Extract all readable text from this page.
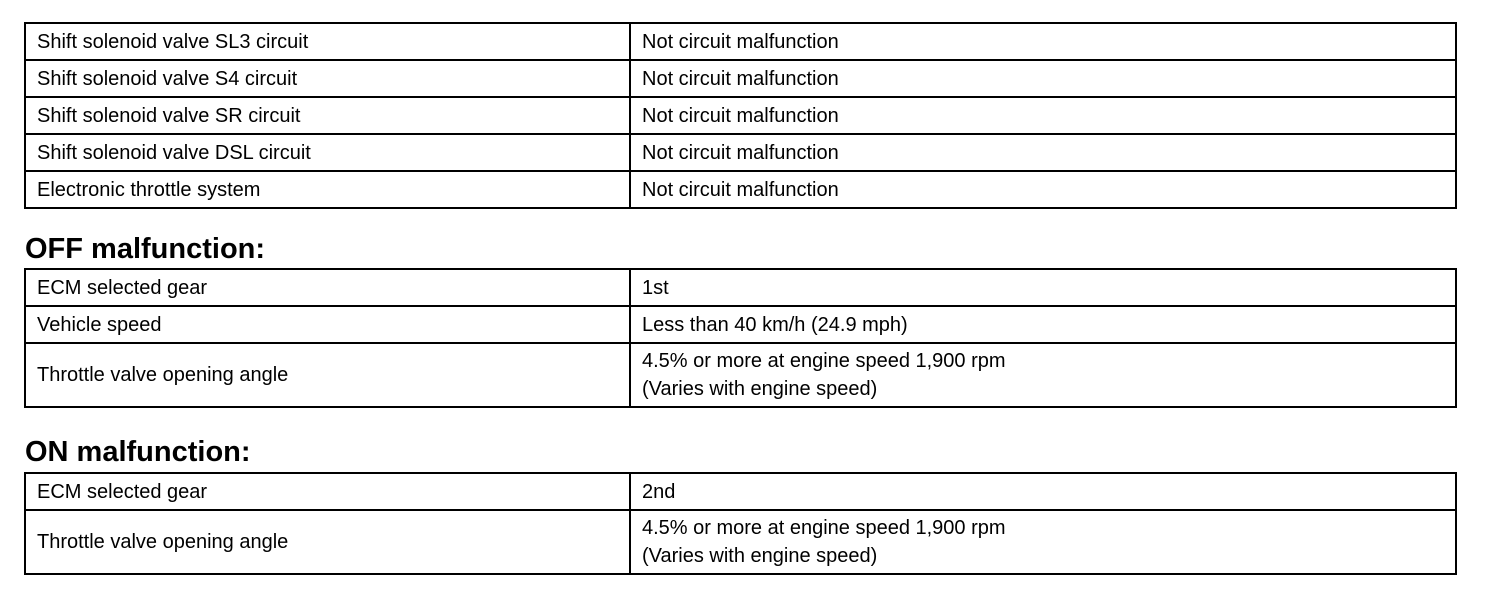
Shift solenoid valve SL3 circuit	Not circuit malfunction
Shift solenoid valve S4 circuit	Not circuit malfunction
Shift solenoid valve SR circuit	Not circuit malfunction
Shift solenoid valve DSL circuit	Not circuit malfunction
Electronic throttle system	Not circuit malfunction
OFF malfunction:
ECM selected gear	1st
Vehicle speed	Less than 40 km/h (24.9 mph)
Throttle valve opening angle	4.5% or more at engine speed 1,900 rpm
(Varies with engine speed)
ON malfunction:
ECM selected gear	2nd
Throttle valve opening angle	4.5% or more at engine speed 1,900 rpm
(Varies with engine speed)
